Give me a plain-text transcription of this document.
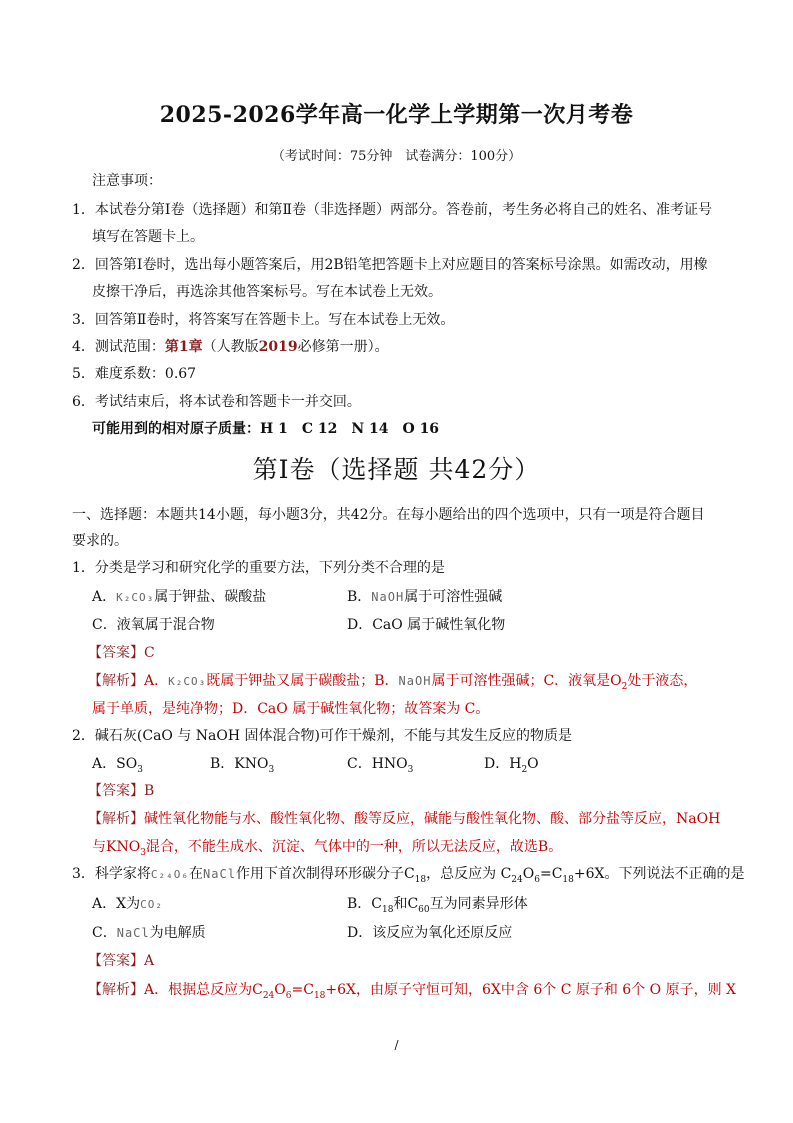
2025-2026学年高一化学上学期第一次月考卷
（考试时间：75分钟　试卷满分：100分）
注意事项：
1．本试卷分第Ⅰ卷（选择题）和第Ⅱ卷（非选择题）两部分。答卷前，考生务必将自己的姓名、准考证号
填写在答题卡上。
2．回答第Ⅰ卷时，选出每小题答案后，用2B铅笔把答题卡上对应题目的答案标号涂黑。如需改动，用橡
皮擦干净后，再选涂其他答案标号。写在本试卷上无效。
3．回答第Ⅱ卷时，将答案写在答题卡上。写在本试卷上无效。
4．测试范围：第1章（人教版2019必修第一册）。
5．难度系数：0.67
6．考试结束后，将本试卷和答题卡一并交回。
可能用到的相对原子质量：H 1　C 12　N 14　O 16
第Ⅰ卷（选择题 共42分）
一、选择题：本题共14小题，每小题3分，共42分。在每小题给出的四个选项中，只有一项是符合题目
要求的。
1．分类是学习和研究化学的重要方法，下列分类不合理的是
A．K₂CO₃属于钾盐、碳酸盐	B．NaOH属于可溶性强碱
C．液氧属于混合物	D．CaO 属于碱性氧化物
【答案】C
【解析】A．K₂CO₃既属于钾盐又属于碳酸盐；B．NaOH属于可溶性强碱；C．液氧是$O_2$处于液态，
属于单质，是纯净物；D．CaO 属于碱性氧化物；故答案为 C。
2．碱石灰(CaO 与 NaOH 固体混合物)可作干燥剂，不能与其发生反应的物质是
A．$SO_3$	B．$KNO_3$	C．$HNO_3$	D．$H_2O$
【答案】B
【解析】碱性氧化物能与水、酸性氧化物、酸等反应，碱能与酸性氧化物、酸、部分盐等反应，NaOH
与$KNO_3$混合，不能生成水、沉淀、气体中的一种，所以无法反应，故选B。
3．科学家将C₂₄O₆在NaCl作用下首次制得环形碳分子$C_{18}$，总反应为 $C_{24}O_6=C_{18}+6X$。下列说法不正确的是
A．X为CO₂	B．$C_{18}$和$C_{60}$互为同素异形体
C．NaCl为电解质	D．该反应为氧化还原反应
【答案】A
【解析】A．根据总反应为$C_{24}O_6=C_{18}+6X$，由原子守恒可知，6X中含 6个 C 原子和 6个 O 原子，则 X
/
